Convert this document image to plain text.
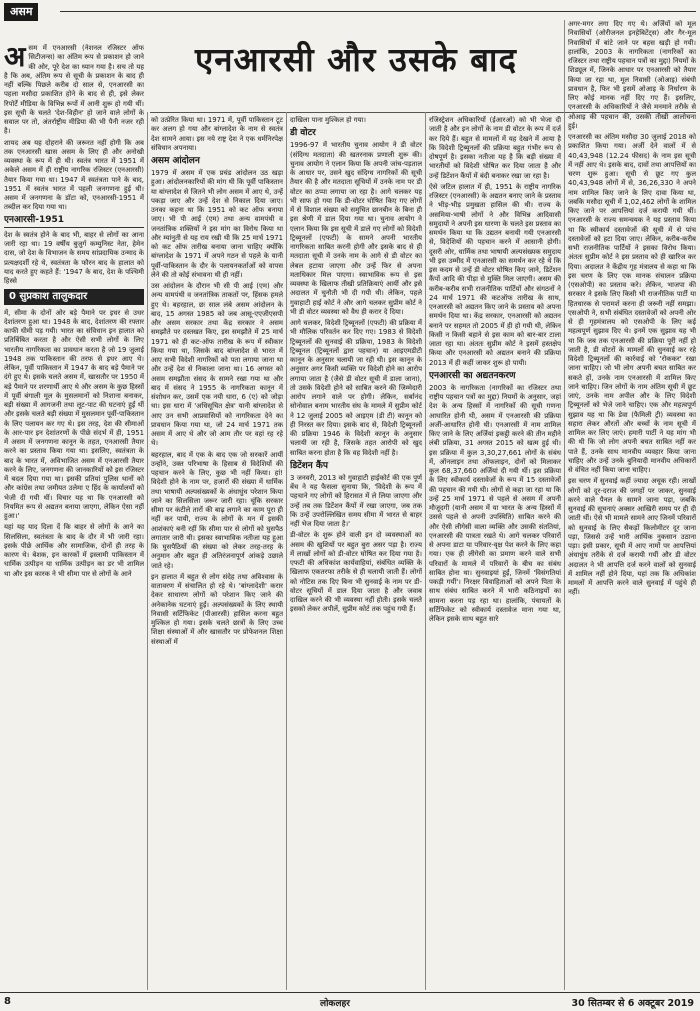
असम
एनआरसी और उसके बाद

असम में एनआरसी (नेशनल रजिस्टर ऑफ सिटीजन्स) का अंतिम रूप से प्रकाशन हो जाने की ओर, पूरे देश का ध्यान गया है। सच तो यह है कि अब, अंतिम रूप से सूची के प्रकाशन के बाद ही नहीं बल्कि पिछले करीब दो साल से, एनआरसी का पहला मसौदा प्रकाशित होने के बाद से ही, इसे लेकर रिपोर्टें मीडिया के विभिन्न रूपों में आनी शुरू हो गयी थीं। इस सूची के चलते 'देश-विहीन' हो जाने वाले लोगों के सवाल पर तो, अंतर्राष्ट्रीय मीडिया की भी पैनी नजर रही है।

शायद अब यह दोहराने की जरूरत नहीं होगी कि अब तक एनआरसी खास असम के लिए ही और अनोखी व्यवस्था के रूप में ही थी। स्वतंत्र भारत में 1951 में अकेले असम में ही राष्ट्रीय नागरिक रजिस्टर (एनआरसी) तैयार किया गया था। 1947 में स्वतंत्रता पाने के बाद, 1951 में स्वतंत्र भारत में पहली जनगणना हुई थी। असम में जनगणना के डॉटा को, एनआरसी-1951 में तब्दील कर दिया गया था।

एनआरसी-1951

देश के स्वतंत्र होने के बाद भी, बाहर से लोगों का आना जारी रहा था। 19 वर्षीय बुजुर्ग कम्युनिस्ट नेता, हेमेन दास, जो देश के विभाजन के समय सांप्रदायिक उन्माद के प्रत्यक्षदर्शी रहे थे, स्वतंत्रता के फौरन बाद के हालात को याद करते हुए कहते हैं: '1947 के बाद, देश के पश्चिमी हिस्से

0 सुप्रकाश तालुकदार

में, सीमा के दोनों ओर बड़े पैमाने पर इधर से उधर देशांतरण हुआ था। 1948 के बाद, देशांतरण की रफ्तार काफी धीमी पड़ गयी। भारत का संविधान इन हालात को प्रतिबिंबित करता है और ऐसी सभी लोगों के लिए भारतीय नागरिकता का प्रावधान करता है जो 19 जुलाई 1948 तक पाकिस्तान की तरफ से इधर आए थे। लेकिन, पूर्वी पाकिस्तान में 1947 के बाद बड़े पैमाने पर दंगे हुए थे। इसके चलते असम में, खासतौर पर 1950 में बड़े पैमाने पर शरणार्थी आए थे और असम के कुछ हिस्सों में पूर्वी बंगाली मूल के मुसलमानों को निशाना बनाकर, बड़ी संख्या में आगजनी तथा लूट-पाट की घटनाएं हुईं थीं और इसके चलते बड़ी संख्या में मुसलमान पूर्वी-पाकिस्तान के लिए पलायन कर गए थे। इस तरह, देश की सीमाओं के आर-पार इन देशांतरणों के पीछे संदर्भ में ही, 1951 में असम में जनगणना कानून के तहत, एनआरसी तैयार करने का प्रस्ताव किया गया था। इसलिए, स्वतंत्रता के बाद के भारत में, अविभाजित असम में एनआरसी तैयार करने के लिए, जनगणना की जानकारियों को इस रजिस्टर में बदल दिया गया था। इसकी प्रतियां पुलिस थानों को और कांग्रेस तथा जमीयत उलेमा ए हिंद के कार्यालयों को भेजी दी गयी थीं। विचार यह था कि एनआरसी को नियमित रूप से अद्यतन बनाया जाएगा, लेकिन ऐसा नहीं हुआ।'

यहां यह याद दिला दें कि बाहर से लोगों के आने का सिलसिला, स्वतंत्रता के बाद के दौर में भी जारी रहा। इसके पीछे आर्थिक और सामाजिक, दोनों ही तरह के कारण थे। बेशक, इन कारकों में इस्लामी पाकिस्तान में धार्मिक उत्पीड़न या धार्मिक उत्पीड़न का डर भी शामिल था और इस कारक ने भी सीमा पार से लोगों के आने

को उत्प्रेरित किया था। 1971 में, पूर्वी पाकिस्तान टूट कर अलग हो गया और बांग्लादेश के नाम से स्वतंत्र देश सामने आया। इस नये राष्ट्र देश ने एक धर्मनिरपेक्ष संविधान अपनाया।

असम आंदोलन

1979 में असम में एक प्रचंड आंदोलन उठ खड़ा हुआ। आंदोलनकारियों की मांग थी कि पूर्वी पाकिस्तान या बांग्लादेश से जितने भी लोग असम में आए थे, उन्हें पकड़ा जाए और उन्हें देश से निकाल दिया जाए। उनका कहना था कि 1951 को कट ऑफ बनाया जाए। भी पी आई (एम) तथा अन्य वामपंथी व जनतांत्रिक शक्तियों ने इस मांग का विरोध किया था और म्यांनुती से यह राय रखी थी कि 25 मार्च 1971 को कट ऑफ तारीख बनाया जाना चाहिए क्योंकि बांग्लादेश के 1971 में अपने गठन से पहले के यानी पूर्वी-पाकिस्तान के दौर के पलायनकर्ताओं को वापस लेने की तो कोई संभावना थी ही नहीं।

उस आंदोलन के दौरान भी सी पी आई (एम) और अन्य वामपंथी व जनतांत्रिक ताकतों पर, हिंसक हमले हुए थे। बहरहाल, छः साल लंबे असम आंदोलन के बाद, 15 अगस्त 1985 को जब आसू-एएजीएसपी और असम सरकार तथा केंद्र सरकार ने असम समझौते पर दस्तखत किए, इस समझौते में 25 मार्च 1971 को ही कट-ऑफ तारीख के रूप में स्वीकार किया गया था, जिसके बाद बांग्लादेश से भारत में आए सभी विदेशी नागरिकों को पता लगाया जाना था और उन्हें देश से निकाला जाना था। 16 अगस्त को असम समझौता संसद के सामने रखा गया था और बाद में संसद ने 1955 के नागरिकता कानून में संशोधन कर, उसमें एक नयी धारा, 6 (ए) को जोड़ा था। इस धारा में 'अधिसूचित क्षेत्र' यानी बांग्लादेश से आए उन सभी आप्रवासियों को नागरिकता देने का प्रावधान किया गया था, जो 24 मार्च 1971 तक असम में आए थे और जो आम तौर पर वहां रह रहे थे।

बहरहाल, बाद में एक के बाद एक जो सरकारें आयीं उन्होंने, उक्त परिभाषा के हिसाब से विदेशियों की पहचान करने के लिए, कुछ भी नहीं किया। हां! विदेशी होने के नाम पर, हजारों की संख्या में धार्मिक तथा भाषायी अल्पसंख्यकों के अंधाधुंध परेशान किया जाने का सिलसिला जरूर जारी रहा। चूंकि सरकार सीमा पर कंटीले तारों की बाढ़ लगाने का काम पूरा ही नहीं कर पायी, राज्य के लोगों के मन में इसकी आशंकाएं बनी रहीं कि सीमा पार से लोगों को घुसपैठ लगातार जारी थी। इसका स्वाभाविक नतीजा यह हुआ कि घुसपैठियों की संख्या को लेकर तरह-तरह के अनुमान और बहुत ही अतिरंजनापूर्ण आंकड़े उछाले जाते रहे।

इन हालात में बहुत से लोग संदेह तथा अविश्वास के वातावरण में संचालित हो रहे थे। 'बांग्लादेशी' करार देकर साधारण लोगों को परेशान किए जाने की अनेकानेक घटनाएं हुईं। अल्पसंख्यकों के लिए स्थायी निवासी सर्टिफिकेट (पीआरसी) हासिल करना बहुत मुश्किल हो गया। इसके चलते छात्रों के लिए उच्च शिक्षा संस्थाओं में और खासतौर पर प्रोफेशनल शिक्षा संस्थाओं में

दाखिला पाना मुश्किल हो गया।

डी वोटर

1996-97 में भारतीय चुनाव आयोग ने डी वोटर (संदिग्ध मतदाता) की खतरनाक प्रणाली शुरू की। चुनाव आयोग ने एलान किया कि अपनी जांच-पड़ताल के आधार पर, उसने खुद संदिग्ध नागरिकों की सूची तैयार की है और मतदाता सूचियों में उनके नाम पर डी वोटर का ठप्पा लगाया जा रहा है। आगे चलकर यह भी साफ हो गया कि डी-वोटर घोषित किए गए लोगों में से विशाल संख्या को समुचित छानबीन के बिना ही इस श्रेणी में डाल दिया गया था। चुनाव आयोग ने एलान किया कि इस सूची में डाले गए लोगों को विदेशी ट्रिब्यूनलों (एफटी) के सामने अपनी भारतीय नागरिकता साबित करनी होगी और इसके बाद से ही मतदाता सूची में उनके नाम के आगे से डी वोटर का लेबल हटाया जाएगा और उन्हें फिर से अपना मताधिकार मिल पाएगा। स्वाभाविक रूप से इस व्यवस्था के खिलाफ तीखी प्रतिक्रियाएं आयीं और इसे अदालत में चुनौती भी दी गयी थी। लेकिन, पहले गुवाहाटी हाई कोर्ट ने और आगे चलकर सुप्रीम कोर्ट ने भी डी वोटर व्यवस्था को वैध ही करार दे दिया।

आगे चलकर, विदेशी ट्रिब्यूनलों (एफटी) की प्रक्रिया में भी मौलिक परिवर्तन कर दिए गए। 1983 से विदेशी ट्रिब्यूनलों की सुनवाई की प्रक्रिया, 1983 के विदेशी ट्रिब्यूनल (ट्रिब्यूनलों द्वारा पहचान) या आइएमडीटी कानून के अनुसार चलायी जा रही थी। इस कानून के अनुसार अगर किसी व्यक्ति पर विदेशी होने का आरोप लगाया जाता है (जैसे डी वोटर सूची में डाला जाना), तो उसके विदेशी होने को साबित करने की जिम्मेदारी आरोप लगाने वाले पर होगी। लेकिन, सर्बानंद सोनोवाल बनाम भारतीय संघ के मामले में सुप्रीम कोर्ट ने 12 जुलाई 2005 को आइएम (डी टी) कानून को ही निरस्त कर दिया। इसके बाद से, विदेशी ट्रिब्यूनलों की प्रक्रिया 1946 के विदेशी कानून के अनुसार चलायी जा रही है, जिसके तहत आरोपी को खुद साबित करना होता है कि वह विदेशी नहीं है।

डिटेंशन कैंप

3 जनवरी, 2013 को गुवाहाटी हाईकोर्ट की एक पूर्ण बेंच ने यह फैसला सुनाया कि, 'विदेशी के रूप में पहचाने गए लोगों को हिरासत में ले लिया जाएगा और उन्हें तब तक डिटेंशन कैंपों में रखा जाएगा, जब तक कि उन्हें उपरोल्लिखित समय सीमा में भारत से बाहर नहीं भेज दिया जाता है।'

डी-वोटर के शुरू होने वाली इन दो व्यवस्थाओं का असम की खुशियों पर बहुत बुरा असर पड़ा है। राज्य में लाखों लोगों को डी-वोटर घोषित कर दिया गया है। एफटी की अधिकांश कार्यवाहियां, संबंधित व्यक्ति के खिलाफ एकतरफा तरीके से ही चलायी जाती हैं। लोगों को नोटिस तक दिए बिना भी सुनवाई के नाम पर डी-वोटर सूचियों में डाल दिया जाता है और जवाब दाखिल करने की भी व्यवस्था नहीं होती। इसके चलते इसको लेकर अपीलें, सुप्रीम कोर्ट तक पहुंच गयी हैं।

रजिस्ट्रेशन अधिकारियों (ईआरओ) को भी भेजा दी जाती है और इन लोगों के नाम डी वोटर के रूप में दर्ज कर दिये हैं। बहुत से मामलों में यह देखने में आया है कि विदेशी ट्रिब्यूनलों की प्रक्रिया बहुत गंभीर रूप से दोषपूर्ण है। इसका नतीजा यह है कि बड़ी संख्या में भारतीयों को विदेशी घोषित कर दिया जाता है और उन्हें डिटेंशन कैंपों में बंदी बनाकर रखा जा रहा है।

ऐसे जटिल हालात में ही, 1951 के राष्ट्रीय नागरिक रजिस्टर (एनआरसी) के अद्यतन बनाए जाने के प्रस्ताव ने भीड़-भीड़ प्रमुखता हासिल की थी। राज्य के असमिया-भाषी लोगों ने और विभिन्न आदिवासी समुदायों ने अपनी इस धारणा के चलते इस प्रस्ताव का समर्थन किया था कि उद्यतन बनायी गयी एनआरसी से, विदेशियों की पहचान करने में आसानी होगी। दूसरी ओर, धार्मिक तथा भाषायी अल्पसंख्यक समुदाय भी इस उम्मीद में एनआरसी का समर्थन कर रहे थे कि इस कदम से उन्हें डी वोटर घोषित किए जाने, डिटेंशन कैंपों आदि की पीड़ा से मुक्ति मिल जाएगी। असम की करीब-करीब सभी राजनीतिक पार्टियों और संगठनों ने 24 मार्च 1971 की कटऑफ तारीख के साथ, एनआरसी को अद्यतन किए जाने के प्रस्ताव को अपना समर्थन दिया था। केंद्र सरकार, एनआरसी को अद्यतन बनाने पर सहमत तो 2005 में ही हो गयी थी, लेकिन किसी न किसी बहाने से इस काम को बार-बार टाला जाता रहा था। अंततः सुप्रीम कोर्ट ने इसमें हस्तक्षेप किया और एनआरसी को अद्यतन बनाने की प्रक्रिया 2013 में ही कहीं जाकर शुरू हो पायी।

एनआरसी का अद्यतनकरण

2003 के नागरिकता (नागरिकों का रजिस्टर तथा राष्ट्रीय पहचान पत्रों का मुद्दा) नियमों के अनुसार, जहां देश के अन्य हिस्सों में नागरिकों की सूची गणना आधारित होनी थी, असम में एनआरसी की प्रक्रिया अर्जी-आधारित होनी थी। एनआरसी में नाम शामिल किए जाने के लिए अर्जियां इकट्ठी करने की तीन महीने लंबी प्रक्रिया, 31 अगस्त 2015 को खत्म हुई थी। इस प्रक्रिया में कुल 3,30,27,661 लोगों के संबंध में, ऑनलाइन तथा ऑफलाइन, दोनों को मिलाकर कुल 68,37,660 अर्जियां दी गयी थीं। इस प्रक्रिया के लिए स्वीकार्य दस्तावेजों के रूप में 15 दस्तावेजों की पहचान की गयी थी। लोगों से कहा जा रहा था कि उन्हें 25 मार्च 1971 से पहले से असम में अपनी मौजूदगी (यानी असम में या भारत के अन्य हिस्सों में उससे पहले से अपनी उपस्थिति) साबित करने की और ऐसी लीगेसी वाला व्यक्ति और उसकी संततियां, एनआरसी की पात्रता रखते थे। आगे चलकर परिवारों से अपना डाटा या परिवार-वृक्ष पेश करने के लिए कहा गया। एक ही लीगेसी का प्रमाण करने वाले सभी परिवारों के मामले में परिवारों के बीच का संबंध साबित होना था। सुनवाइयां हुईं, जिनमें 'विसंगतियां पकड़ी गयीं'। निरक्षर विवाहिताओं को अपने पिता के साथ संबंध साबित करने में भारी कठिनाइयों का सामना करना पड़ रहा था। हालांकि, पंचायतों के सर्टिफिकेट को स्वीकार्य दस्तावेज माना गया था, लेकिन इसके साथ बहुत सारे

अगर-मगर लगा दिए गए थे। अर्जियों को मूल निवासियों (ओरीजनल इनहेबिटेंट्स) और गैर-मूल निवासियों में बांटे जाने पर बहस खड़ी हो गयी। हालांकि, 2003 के नागरिकता (नागरिकों का रजिस्टर तथा राष्ट्रीय पहचान पत्रों का मुद्दा) नियमों के शिड्यूल में, जिनके आधार पर एनआरसी को तैयार किया जा रहा था, मूल निवासी (ओआइ) संबंधी प्रावधान है, फिर भी इसमें ओआइ के निर्धारण के लिए कोई मानक नहीं दिए गए हैं। इसलिए, एनआरसी के अधिकारियों ने जैसे मनमाने तरीके से ओआइ की पहचान की, उसकी तीखी आलोचना हुई।

एनआरसी का अंतिम मसौदा 30 जुलाई 2018 को प्रकाशित किया गया। अर्जी देने वालों में से 40,43,948 (12.24 फीसद) के नाम इस सूची में नहीं आए थे। इसके बाद, दावों तथा आपत्तियों का चरण शुरू हुआ। सूची से छूट गए कुल 40,43,948 लोगों में से, 36,26,330 ने अपने नाम शामिल किए जाने के लिए दावा किया था, जबकि मसौदा सूची में 1,02,462 लोगों के शामिल किए जाने पर आपत्तियां दर्ज करायी गयी थीं। एनआरसी के राज्य समन्वयक ने यह प्रस्ताव किया था कि स्वीकार्य दस्तावेजों की सूची में से पांच दस्तावेजों को हटा दिया जाए। लेकिन, करीब-करीब सभी राजनीतिक पार्टियों ने इसका विरोध किया। अंततः सुप्रीम कोर्ट ने इस प्रस्ताव को ही खारिज कर दिया। अदालत ने केंद्रीय गृह मंत्रालय से कहा था कि इस चरण के लिए एक मानक संचालन प्रक्रिया (एसओपी) का प्रस्ताव करे। लेकिन, भाजपा की सरकार ने इसके लिए किसी भी राजनीतिक पार्टी या हितधारक से परामर्श करना ही जरूरी नहीं समझा। एसओपी ने, सभी संबंधित दस्तावेजों को अपनी ओर से ही गृहमंत्रालय को एसओपी के लिए कई महत्वपूर्ण सुझाव दिए थे। इनमें एक सुझाव यह भी था कि जब तक एनआरसी की प्रक्रिया पूरी नहीं हो जाती है, डी वोटरों के मामलों की सुनवाई कर रहे विदेशी ट्रिब्यूनलों की कार्रवाई को 'रोककर' रखा जाना चाहिए। जो भी लोग अपनी बचत साबित कर सकते हों, उनके नाम एनआरसी में शामिल किए जाने चाहिए। जिन लोगों के नाम अंतिम सूची में छूट जाएं, उनके नाम अपील और के लिए विदेशी ट्रिब्यूनलों को भेजे जाने चाहिए। एक और महत्वपूर्ण सुझाव यह था कि डेवा (फैमिली ट्री) व्यवस्था का सहारा लेकर औरतों और बच्चों के नाम सूची में शामिल कर लिए जाएं। हमारी पार्टी ने यह मांग भी की थी कि जो लोग अपनी बचत साबित नहीं कर पाते हैं, उनके साथ मानवीय व्यवहार किया जाना चाहिए और उन्हें उनके बुनियादी मानवीय अधिकारों से वंचित नहीं किया जाना चाहिए।

इस चरण में सुनवाई कहीं ज्यादा अचूक रही। लाखों लोगों को दूर-दराज की जगहों पर जाकर, सुनवाई करने वाले पैनल के सामने जाना पड़ा, जबकि सुनवाई की सूचनाएं अक्सर आखिरी समय पर ही दी जाती थीं। ऐसे भी मामले सामने आए जिनमें परिवारों को सुनवाई के लिए सैकड़ों किलोमीटर दूर जाना पड़ा, जिससे उन्हें भारी आर्थिक नुकसान उठाना पड़ा। इसी प्रकार, सूची में आए नामों पर आपत्तियां अंधाधुंध तरीके से दर्ज करायी गयीं और डी वोटर अदालत ने भी आपत्ति दर्ज करने वालों को सुनवाई में शामिल नहीं होने दिया, यहां तक कि अधिकांश मामलों में आपत्ति करने वाले सुनवाई में पहुंचे ही नहीं।

8	लोकलहर	30 सितम्बर से 6 अक्टूबर 2019
